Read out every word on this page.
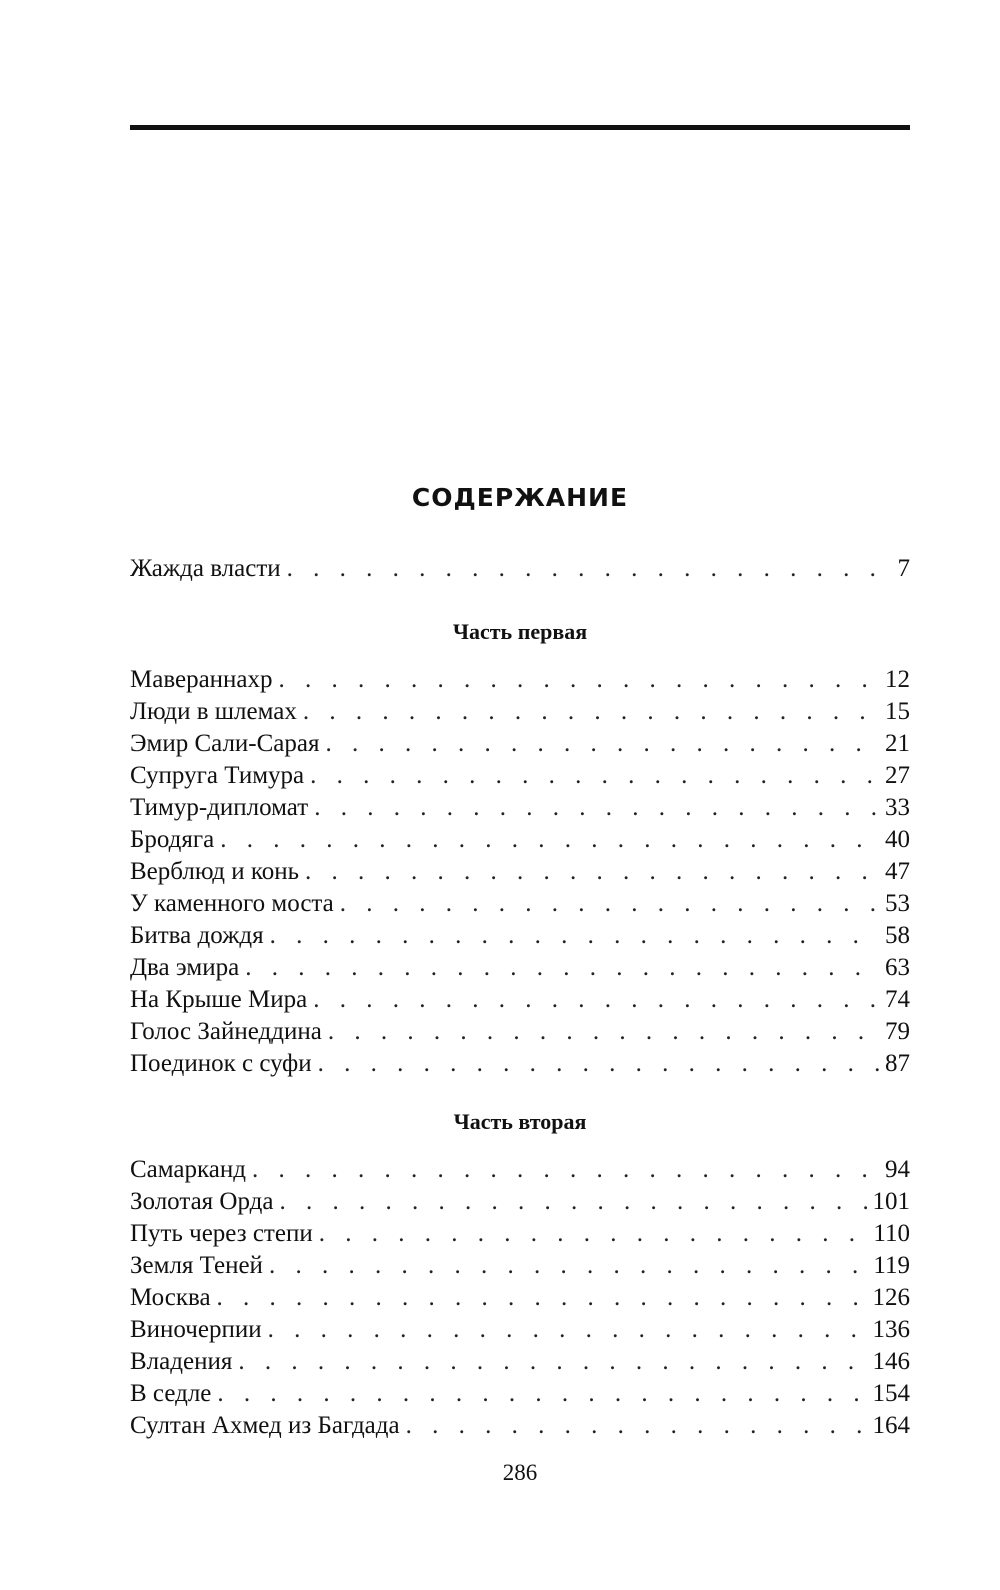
СОДЕРЖАНИЕ
Жажда власти . . .	7
Часть первая
Мавераннахр . . .	12
Люди в шлемах . . .	15
Эмир Сали-Сарая . . .	21
Супруга Тимура . . .	27
Тимур-дипломат . . .	33
Бродяга . . .	40
Верблюд и конь . . .	47
У каменного моста . . .	53
Битва дождя . . .	58
Два эмира . . .	63
На Крыше Мира . . .	74
Голос Зайнеддина . . .	79
Поединок с суфи . . .	87
Часть вторая
Самарканд . . .	94
Золотая Орда . . .	101
Путь через степи . . .	110
Земля Теней . . .	119
Москва . . .	126
Виночерпии . . .	136
Владения . . .	146
В седле . . .	154
Султан Ахмед из Багдада . . .	164
286
